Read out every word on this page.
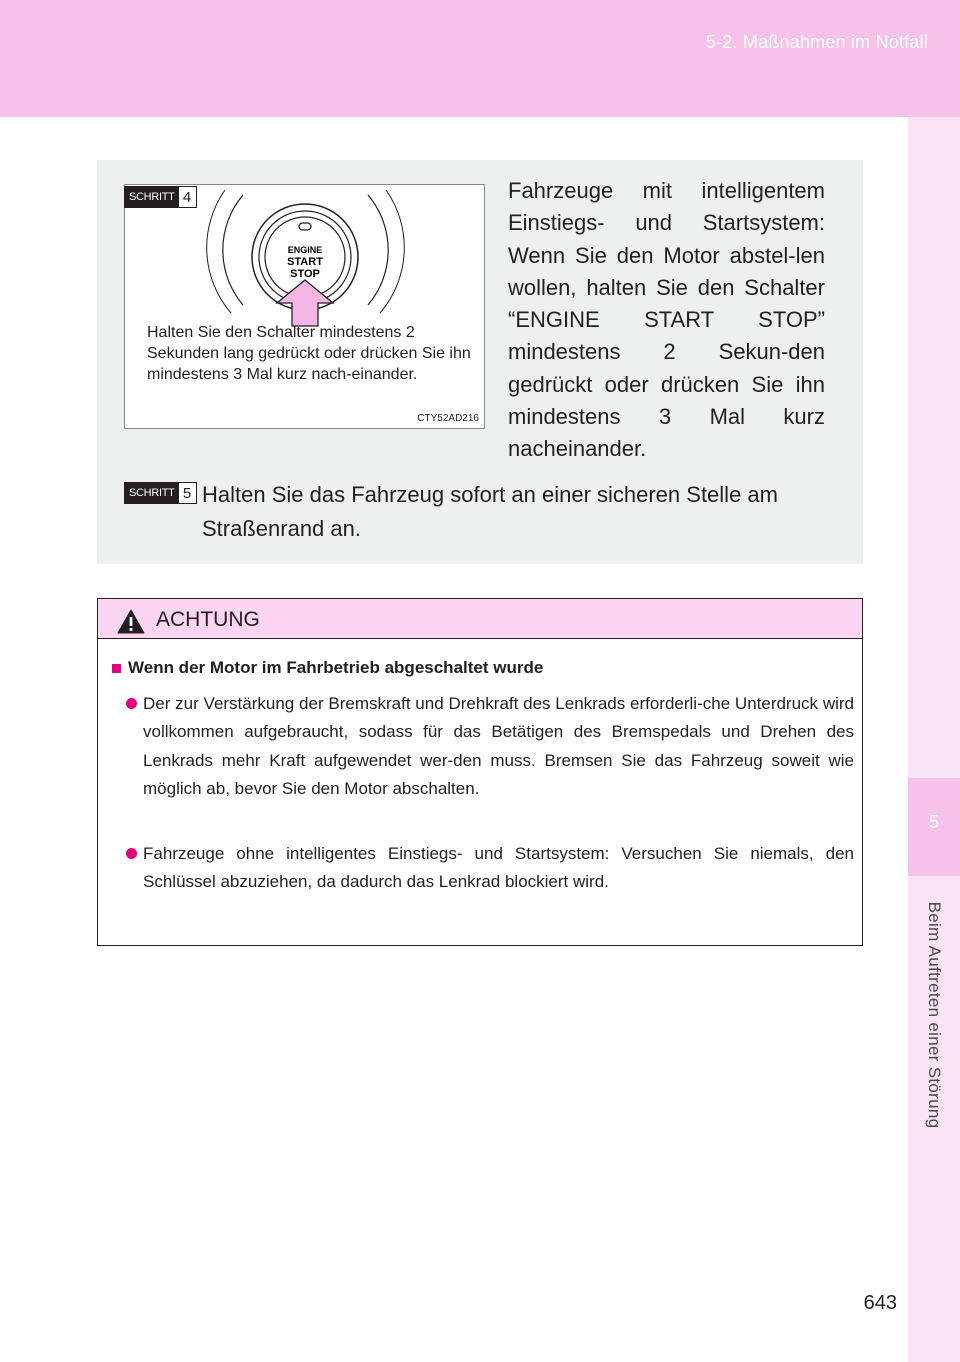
5-2. Maßnahmen im Notfall
5
Beim Auftreten einer Störung
ENGINE
START
STOP
Halten Sie den Schalter mindestens 2 Sekunden lang gedrückt oder drücken Sie ihn mindestens 3 Mal kurz nach-einander.
CTY52AD216
SCHRITT 4	Fahrzeuge mit intelligentem Einstiegs- und Startsystem: Wenn Sie den Motor abstel-len wollen, halten Sie den Schalter “ENGINE START STOP” mindestens 2 Sekun-den gedrückt oder drücken Sie ihn mindestens 3 Mal kurz nacheinander.
SCHRITT 5 Halten Sie das Fahrzeug sofort an einer sicheren Stelle am Straßenrand an.
ACHTUNG
Wenn der Motor im Fahrbetrieb abgeschaltet wurde
Der zur Verstärkung der Bremskraft und Drehkraft des Lenkrads erforderli-che Unterdruck wird vollkommen aufgebraucht, sodass für das Betätigen des Bremspedals und Drehen des Lenkrads mehr Kraft aufgewendet wer-den muss. Bremsen Sie das Fahrzeug soweit wie möglich ab, bevor Sie den Motor abschalten.
Fahrzeuge ohne intelligentes Einstiegs- und Startsystem: Versuchen Sie niemals, den Schlüssel abzuziehen, da dadurch das Lenkrad blockiert wird.
643
